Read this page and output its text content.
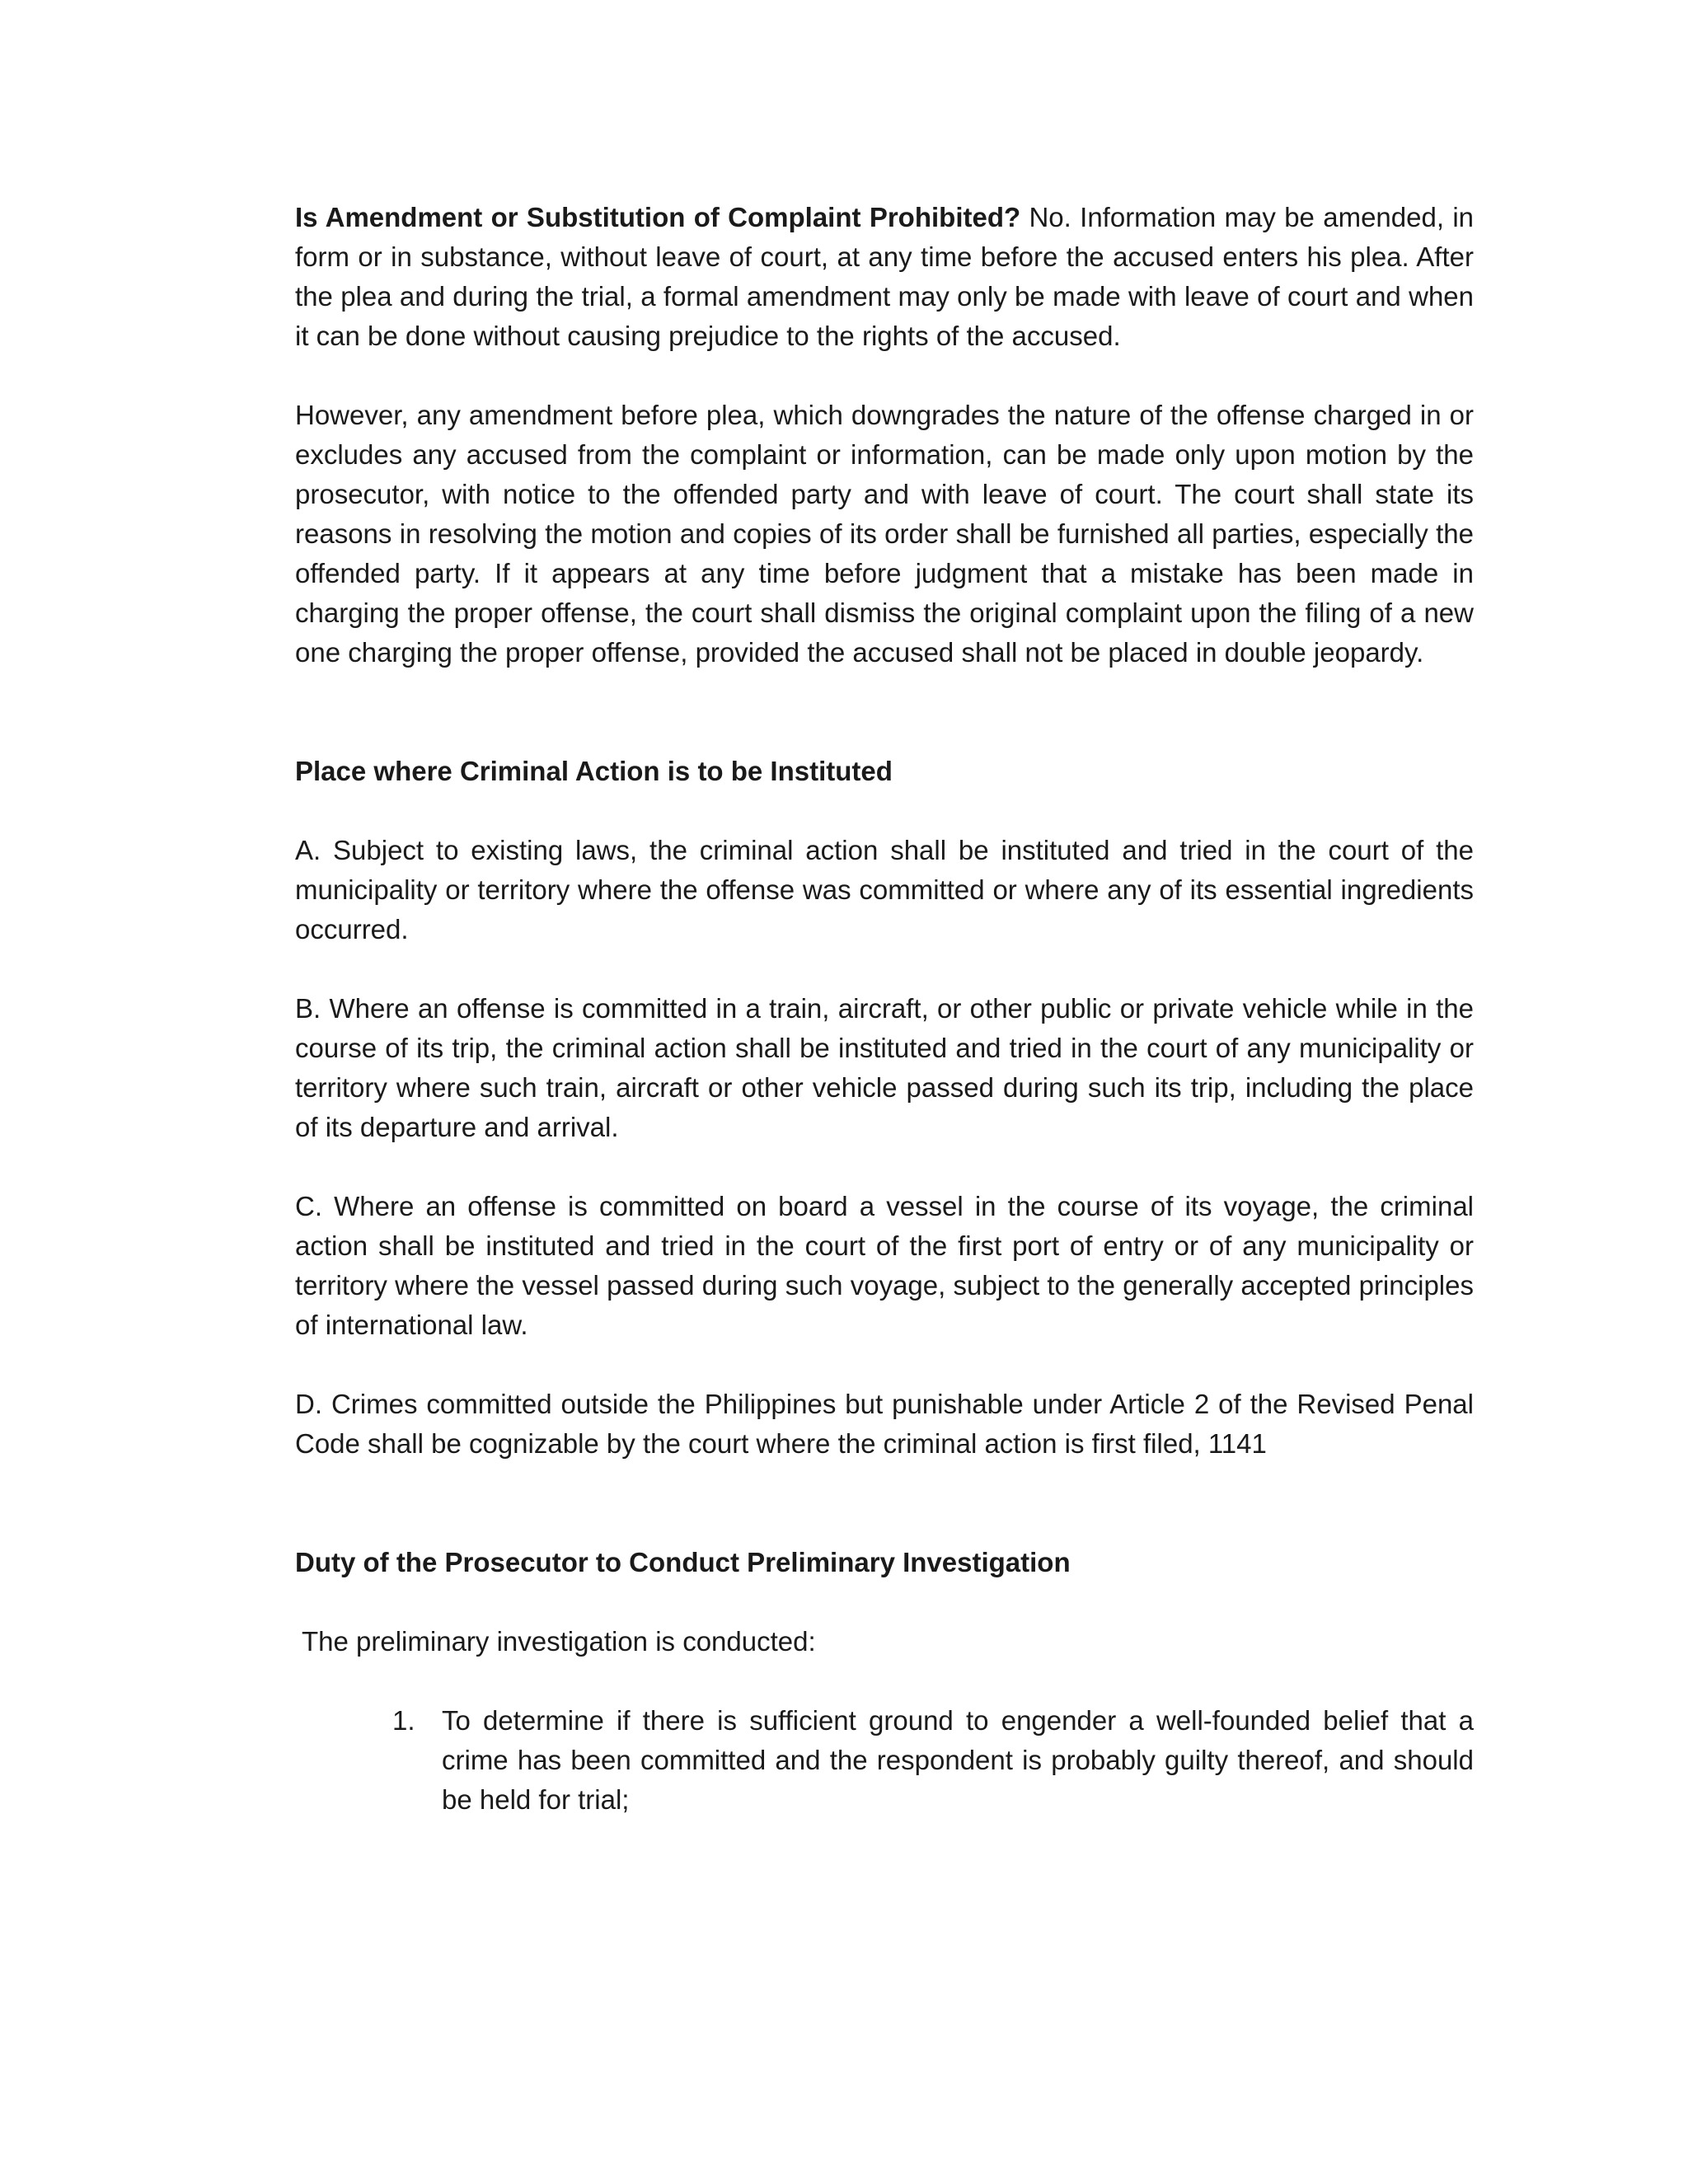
Is Amendment or Substitution of Complaint Prohibited? No. Information may be amended, in form or in substance, without leave of court, at any time before the accused enters his plea. After the plea and during the trial, a formal amendment may only be made with leave of court and when it can be done without causing prejudice to the rights of the accused.

However, any amendment before plea, which downgrades the nature of the offense charged in or excludes any accused from the complaint or information, can be made only upon motion by the prosecutor, with notice to the offended party and with leave of court. The court shall state its reasons in resolving the motion and copies of its order shall be furnished all parties, especially the offended party. If it appears at any time before judgment that a mistake has been made in charging the proper offense, the court shall dismiss the original complaint upon the filing of a new one charging the proper offense, provided the accused shall not be placed in double jeopardy.

Place where Criminal Action is to be Instituted

A. Subject to existing laws, the criminal action shall be instituted and tried in the court of the municipality or territory where the offense was committed or where any of its essential ingredients occurred.

B. Where an offense is committed in a train, aircraft, or other public or private vehicle while in the course of its trip, the criminal action shall be instituted and tried in the court of any municipality or territory where such train, aircraft or other vehicle passed during such its trip, including the place of its departure and arrival.

C. Where an offense is committed on board a vessel in the course of its voyage, the criminal action shall be instituted and tried in the court of the first port of entry or of any municipality or territory where the vessel passed during such voyage, subject to the generally accepted principles of international law.

D. Crimes committed outside the Philippines but punishable under Article 2 of the Revised Penal Code shall be cognizable by the court where the criminal action is first filed, 1141

Duty of the Prosecutor to Conduct Preliminary Investigation

The preliminary investigation is conducted:

1. To determine if there is sufficient ground to engender a well-founded belief that a crime has been committed and the respondent is probably guilty thereof, and should be held for trial;
